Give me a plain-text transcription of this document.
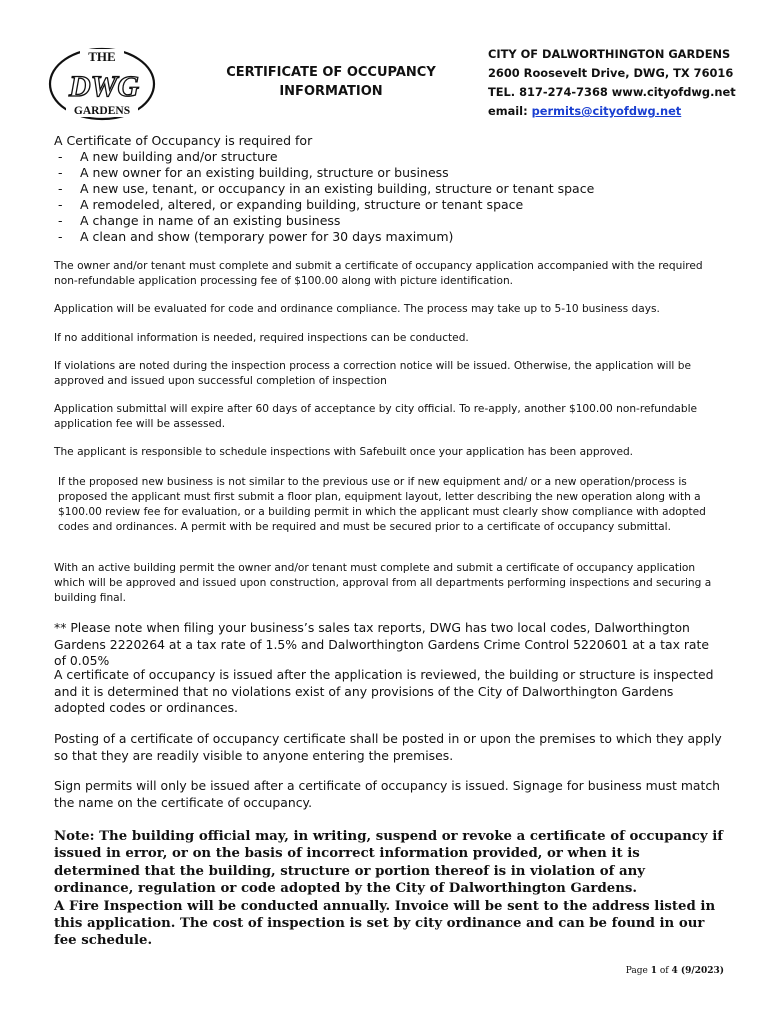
THE
DWG
GARDENS
CERTIFICATE OF OCCUPANCY
INFORMATION
CITY OF DALWORTHINGTON GARDENS
2600 Roosevelt Drive, DWG, TX 76016
TEL. 817-274-7368 www.cityofdwg.net
email: permits@cityofdwg.net
A Certificate of Occupancy is required for
- A new building and/or structure
- A new owner for an existing building, structure or business
- A new use, tenant, or occupancy in an existing building, structure or tenant space
- A remodeled, altered, or expanding building, structure or tenant space
- A change in name of an existing business
- A clean and show (temporary power for 30 days maximum)
The owner and/or tenant must complete and submit a certificate of occupancy application accompanied with the required non-refundable application processing fee of $100.00 along with picture identification.
Application will be evaluated for code and ordinance compliance. The process may take up to 5-10 business days.
If no additional information is needed, required inspections can be conducted.
If violations are noted during the inspection process a correction notice will be issued. Otherwise, the application will be approved and issued upon successful completion of inspection
Application submittal will expire after 60 days of acceptance by city official. To re-apply, another $100.00 non-refundable application fee will be assessed.
The applicant is responsible to schedule inspections with Safebuilt once your application has been approved.
If the proposed new business is not similar to the previous use or if new equipment and/ or a new operation/process is proposed the applicant must first submit a floor plan, equipment layout, letter describing the new operation along with a $100.00 review fee for evaluation, or a building permit in which the applicant must clearly show compliance with adopted codes and ordinances. A permit with be required and must be secured prior to a certificate of occupancy submittal.
With an active building permit the owner and/or tenant must complete and submit a certificate of occupancy application which will be approved and issued upon construction, approval from all departments performing inspections and securing a building final.
** Please note when filing your business’s sales tax reports, DWG has two local codes, Dalworthington Gardens 2220264 at a tax rate of 1.5% and Dalworthington Gardens Crime Control 5220601 at a tax rate of 0.05%
A certificate of occupancy is issued after the application is reviewed, the building or structure is inspected and it is determined that no violations exist of any provisions of the City of Dalworthington Gardens adopted codes or ordinances.
Posting of a certificate of occupancy certificate shall be posted in or upon the premises to which they apply so that they are readily visible to anyone entering the premises.
Sign permits will only be issued after a certificate of occupancy is issued. Signage for business must match the name on the certificate of occupancy.
Note: The building official may, in writing, suspend or revoke a certificate of occupancy if issued in error, or on the basis of incorrect information provided, or when it is determined that the building, structure or portion thereof is in violation of any ordinance, regulation or code adopted by the City of Dalworthington Gardens.
A Fire Inspection will be conducted annually. Invoice will be sent to the address listed in this application. The cost of inspection is set by city ordinance and can be found in our fee schedule.
Page 1 of 4 (9/2023)
